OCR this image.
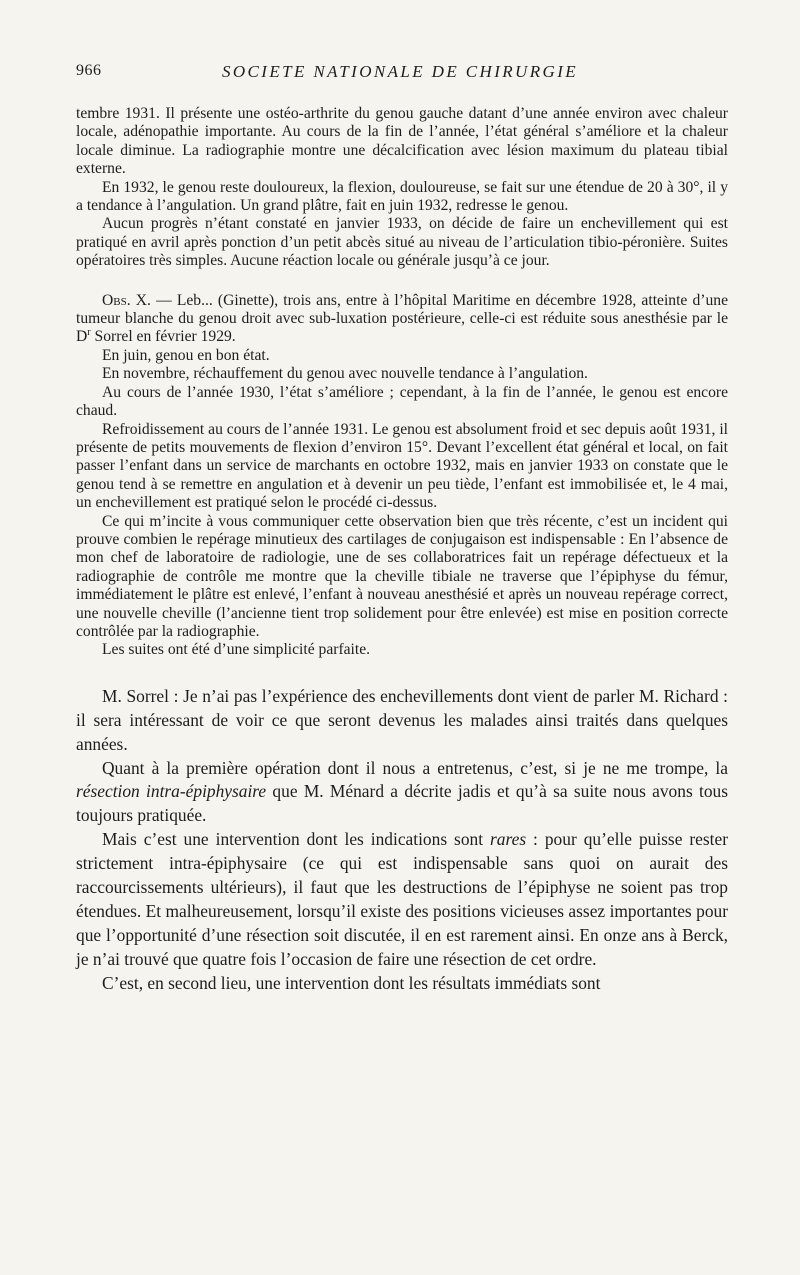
966	SOCIETE NATIONALE DE CHIRURGIE

tembre 1931. Il présente une ostéo-arthrite du genou gauche datant d’une année environ avec chaleur locale, adénopathie importante. Au cours de la fin de l’année, l’état général s’améliore et la chaleur locale diminue. La radiographie montre une décalcification avec lésion maximum du plateau tibial externe.

En 1932, le genou reste douloureux, la flexion, douloureuse, se fait sur une étendue de 20 à 30°, il y a tendance à l’angulation. Un grand plâtre, fait en juin 1932, redresse le genou.

Aucun progrès n’étant constaté en janvier 1933, on décide de faire un enchevillement qui est pratiqué en avril après ponction d’un petit abcès situé au niveau de l’articulation tibio-péronière. Suites opératoires très simples. Aucune réaction locale ou générale jusqu’à ce jour.

Obs. X. — Leb... (Ginette), trois ans, entre à l’hôpital Maritime en décembre 1928, atteinte d’une tumeur blanche du genou droit avec sub-luxation postérieure, celle-ci est réduite sous anesthésie par le $D^r$ Sorrel en février 1929.

En juin, genou en bon état.

En novembre, réchauffement du genou avec nouvelle tendance à l’angulation.

Au cours de l’année 1930, l’état s’améliore ; cependant, à la fin de l’année, le genou est encore chaud.

Refroidissement au cours de l’année 1931. Le genou est absolument froid et sec depuis août 1931, il présente de petits mouvements de flexion d’environ 15°. Devant l’excellent état général et local, on fait passer l’enfant dans un service de marchants en octobre 1932, mais en janvier 1933 on constate que le genou tend à se remettre en angulation et à devenir un peu tiède, l’enfant est immobilisée et, le 4 mai, un enchevillement est pratiqué selon le procédé ci-dessus.

Ce qui m’incite à vous communiquer cette observation bien que très récente, c’est un incident qui prouve combien le repérage minutieux des cartilages de conjugaison est indispensable : En l’absence de mon chef de laboratoire de radiologie, une de ses collaboratrices fait un repérage défectueux et la radiographie de contrôle me montre que la cheville tibiale ne traverse que l’épiphyse du fémur, immédiatement le plâtre est enlevé, l’enfant à nouveau anesthésié et après un nouveau repérage correct, une nouvelle cheville (l’ancienne tient trop solidement pour être enlevée) est mise en position correcte contrôlée par la radiographie.

Les suites ont été d’une simplicité parfaite.

M. Sorrel : Je n’ai pas l’expérience des enchevillements dont vient de parler M. Richard : il sera intéressant de voir ce que seront devenus les malades ainsi traités dans quelques années.

Quant à la première opération dont il nous a entretenus, c’est, si je ne me trompe, la résection intra-épiphysaire que M. Ménard a décrite jadis et qu’à sa suite nous avons tous toujours pratiquée.

Mais c’est une intervention dont les indications sont rares : pour qu’elle puisse rester strictement intra-épiphysaire (ce qui est indispensable sans quoi on aurait des raccourcissements ultérieurs), il faut que les destructions de l’épiphyse ne soient pas trop étendues. Et malheureusement, lorsqu’il existe des positions vicieuses assez importantes pour que l’opportunité d’une résection soit discutée, il en est rarement ainsi. En onze ans à Berck, je n’ai trouvé que quatre fois l’occasion de faire une résection de cet ordre.

C’est, en second lieu, une intervention dont les résultats immédiats sont
